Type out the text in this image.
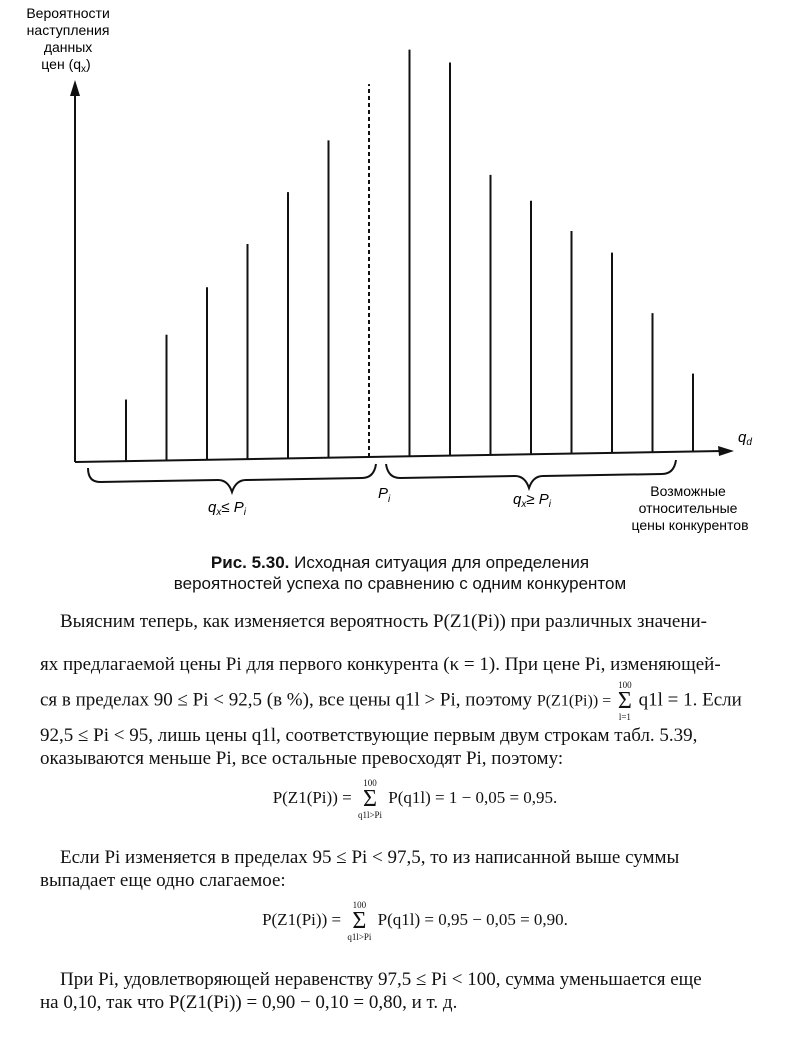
Вероятности наступления данных цен $(q_x)$
$q_d$
$q_x\le P_i$
$P_i$	$q_x\ge P_i$
Возможные относительные цены конкурентов
Рис. 5.30. Исходная ситуация для определения
вероятностей успеха по сравнению с одним конкурентом
Выясним теперь, как изменяется вероятность P(Z1(Pi)) при различных значени-
ях предлагаемой цены Pi для первого конкурента (κ = 1). При цене Pi, изменяющей-
ся в пределах 90 ≤ Pi < 92,5 (в %), все цены q1l > Pi, поэтому P(Z1(Pi)) =
100
Σ
l=1
q1l = 1. Если
92,5 ≤ Pi < 95, лишь цены q1l, соответствующие первым двум строкам табл. 5.39,
оказываются меньше Pi, все остальные превосходят Pi, поэтому:
P(Z1(Pi)) =
100
Σ
q1l>Pi
P(q1l) = 1 − 0,05 = 0,95.
Если Pi изменяется в пределах 95 ≤ Pi < 97,5, то из написанной выше суммы
выпадает еще одно слагаемое:
P(Z1(Pi)) =
100
Σ
q1l>Pi
P(q1l) = 0,95 − 0,05 = 0,90.
При Pi, удовлетворяющей неравенству 97,5 ≤ Pi < 100, сумма уменьшается еще
на 0,10, так что P(Z1(Pi)) = 0,90 − 0,10 = 0,80, и т. д.
